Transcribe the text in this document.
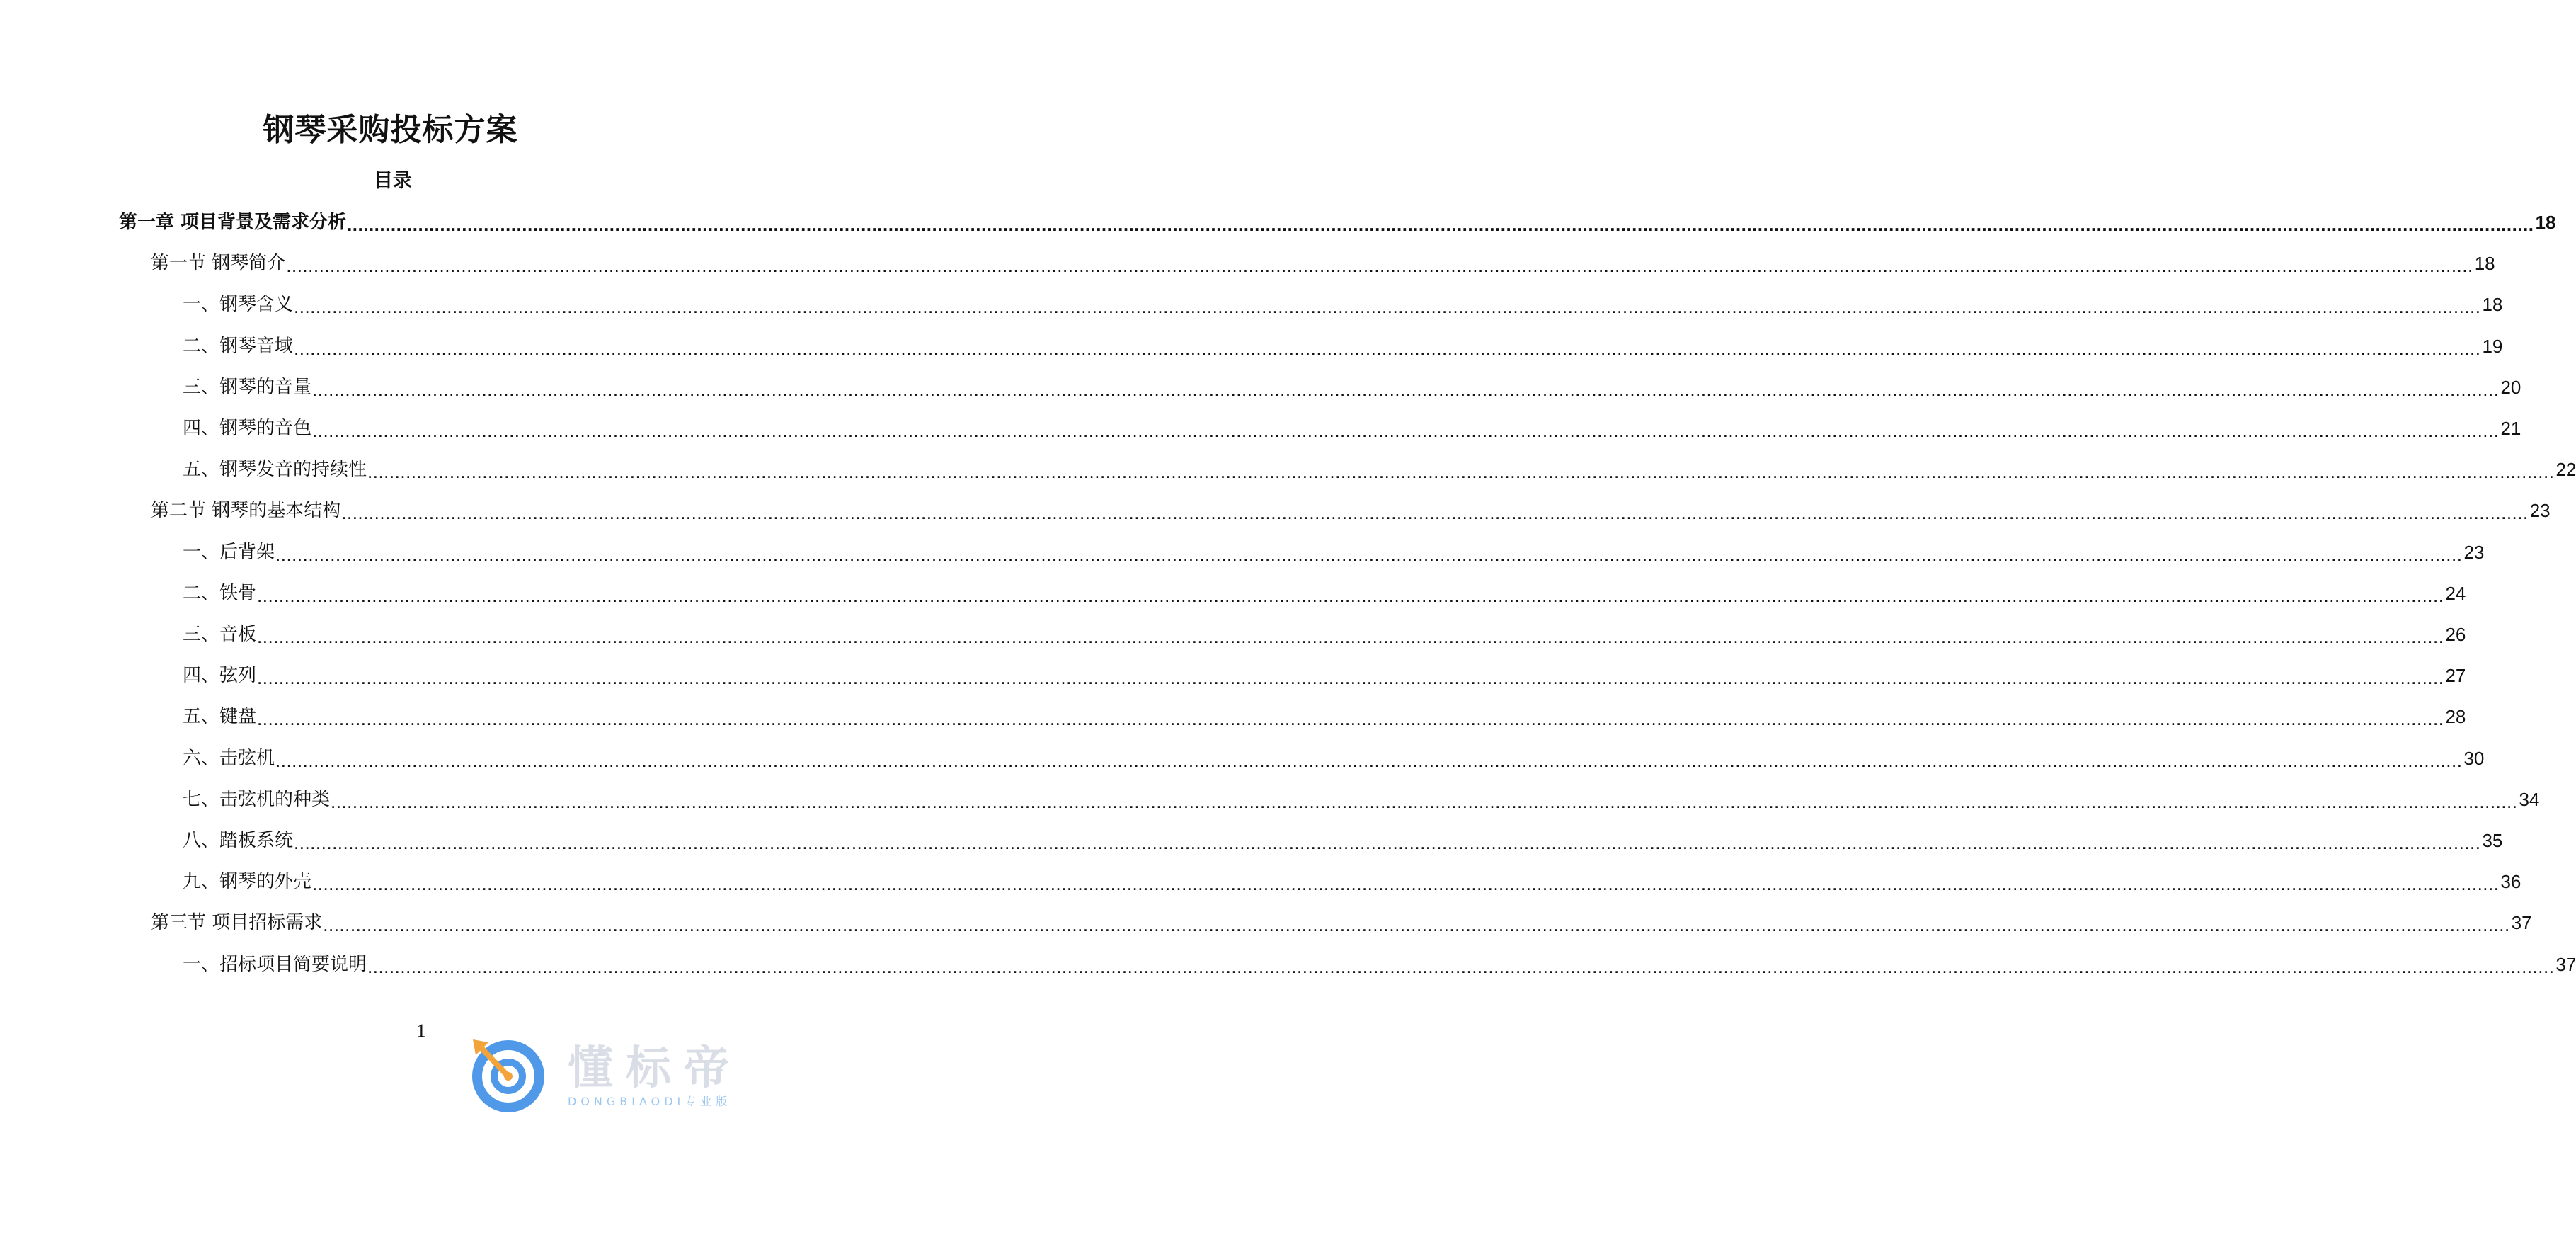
钢琴采购投标方案
目录
第一章 项目背景及需求分析 ................................................................................................................................................................................................................................................................................................................................................................................................................ 18
第一节 钢琴简介 ................................................................................................................................................................................................................................................................................................................................................................................................................ 18
一、钢琴含义 ................................................................................................................................................................................................................................................................................................................................................................................................................ 18
二、钢琴音域 ................................................................................................................................................................................................................................................................................................................................................................................................................ 19
三、钢琴的音量 ................................................................................................................................................................................................................................................................................................................................................................................................................ 20
四、钢琴的音色 ................................................................................................................................................................................................................................................................................................................................................................................................................ 21
五、钢琴发音的持续性 ................................................................................................................................................................................................................................................................................................................................................................................................................ 22
第二节 钢琴的基本结构 ................................................................................................................................................................................................................................................................................................................................................................................................................ 23
一、后背架 ................................................................................................................................................................................................................................................................................................................................................................................................................ 23
二、铁骨 ................................................................................................................................................................................................................................................................................................................................................................................................................ 24
三、音板 ................................................................................................................................................................................................................................................................................................................................................................................................................ 26
四、弦列 ................................................................................................................................................................................................................................................................................................................................................................................................................ 27
五、键盘 ................................................................................................................................................................................................................................................................................................................................................................................................................ 28
六、击弦机 ................................................................................................................................................................................................................................................................................................................................................................................................................ 30
七、击弦机的种类 ................................................................................................................................................................................................................................................................................................................................................................................................................ 34
八、踏板系统 ................................................................................................................................................................................................................................................................................................................................................................................................................ 35
九、钢琴的外壳 ................................................................................................................................................................................................................................................................................................................................................................................................................ 36
第三节 项目招标需求 ................................................................................................................................................................................................................................................................................................................................................................................................................ 37
一、招标项目简要说明 ................................................................................................................................................................................................................................................................................................................................................................................................................ 37
1
懂标帝
DONGBIAODI专业版
